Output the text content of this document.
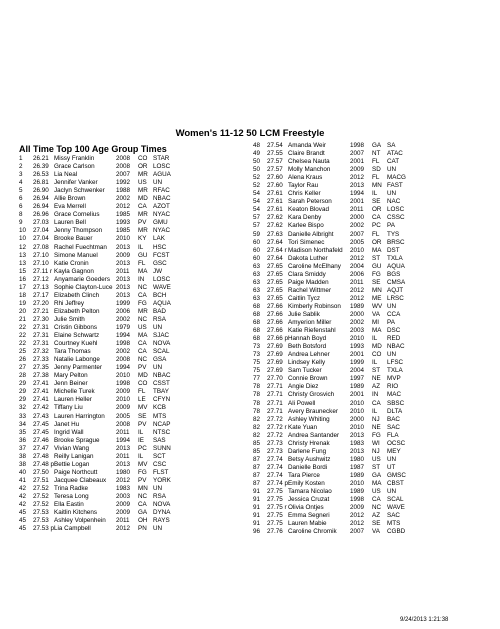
Women's 11-12 50 LCM Freestyle
All Time Top 100 Age Group Times
1	26.21 Missy Franklin	2008	CO STAR
2	26.39 Grace Carlson	2008	OR LOSC
3	26.53 Lia Neal	2007	MR AGUA
4	26.81 Jennifer Vanker	1992	US UN
5	26.90 Jaclyn Schwenker	1988	MR RFAC
6	26.94 Allie Brown	2002	MD NBAC
6	26.94 Eva Merrell	2012	CA AZOT
8	26.96 Grace Cornelius	1985	MR NYAC
9	27.03 Lauren Bell	1993	PV	GMU
10	27.04 Jenny Thompson	1985	MR NYAC
10	27.04 Brooke Bauer	2010	KY	LAK
12	27.08 Rachel Fuechtman	2013	IL	HSC
13	27.10 Simone Manuel	2009	GU FCST
13	27.10 Katie Cronin	2013	FL	GSC
15	27.11 r Kayla Gagnon	2011	MA JW
16	27.12 Anyamarie Goeders 2013	IN	LOSC
17	27.13 Sophie Clayton-Luce 2013	NC WAVE
18	27.17 Elizabeth Clinch	2013	CA BCH
19	27.20 Rhi Jeffrey	1999	FG AQUA
20	27.21 Elizabeth Pelton	2006	MR BAD
21	27.30 Julie Smith	2002	NC RSA
22	27.31 Cristin Gibbons	1979	US UN
22	27.31 Elaine Schwartz	1994	MA SJAC
22	27.31 Courtney Kuehl	1998	CA NOVA
25	27.32 Tara Thomas	2002	CA SCAL
26	27.33 Natalie Labonge	2008	NC GSA
27	27.35 Jenny Parmenter	1994	PV	UN
28	27.38 Mary Pelton	2010	MD NBAC
29	27.41 Jenn Beiner	1998	CO CSST
29	27.41 Michelle Turek	2009	FL	TBAY
29	27.41 Lauren Heller	2010	LE	CFYN
32	27.42 Tiffany Liu	2009	MV KCB
33	27.43 Lauren Harrington	2005	SE	MTS
34	27.45 Janet Hu	2008	PV	NCAP
35	27.45 Ingrid Wall	2011	IL	NTSC
36	27.46 Brooke Sprague	1994	IE	SAS
37	27.47 Vivian Wang	2013	PC SUNN
38	27.48 Reilly Lanigan	2011	IL	SCT
38	27.48 p Bettie Logan	2013	MV CSC
40	27.50 Paige Northcutt	1980	FG FLST
41	27.51 Jacquee Clabeaux	2012	PV	YORK
42	27.52 Trina Radke	1983	MN UN
42	27.52 Teresa Long	2003	NC RSA
42	27.52 Ella Eastin	2009	CA NOVA
45	27.53 Kaitlin Kitchens	2009	GA DYNA
45	27.53 Ashley Volpenhein	2011	OH RAYS
45	27.53 p Lia Campbell	2012	PN UN
48	27.54 Amanda Weir	1998	GA SA
49	27.55 Claire Brandt	2007	NT	ATAC
50	27.57 Chelsea Nauta	2001	FL	CAT
50	27.57 Molly Manchon	2009	SD UN
52	27.60 Alena Kraus	2012	FL	MACG
52	27.60 Taylor Rau	2013	MN FAST
54	27.61 Chris Keller	1994	IL	UN
54	27.61 Sarah Peterson	2001	SE	NAC
54	27.61 Keaton Blovad	2011	OR LOSC
57	27.62 Kara Denby	2000	CA CSSC
57	27.62 Karlee Bispo	2002	PC PA
59	27.63 Danielle Albright	2007	FL	TYS
60	27.64 Tori Simenec	2005	OR BRSC
60	27.64 r Madison Northafeld	2010	MA DST
60	27.64 Dakota Luther	2012	ST	TXLA
63	27.65 Caroline McElhany	2004	GU AQUA
63	27.65 Clara Smiddy	2006	FG BGS
63	27.65 Paige Madden	2011	SE	CMSA
63	27.65 Rachel Wittmer	2012	MN AQJT
63	27.65 Caitlin Tycz	2012	ME LRSC
68	27.66 Kimberly Robinson	1989	WV UN
68	27.66 Julie Sablik	2000	VA	CCA
68	27.66 Amyerion Miller	2002	MI	PA
68	27.66 Katie Riefenstahl	2003	MA DSC
68	27.66 p Hannah Boyd	2010	IL	RED
73	27.69 Beth Botsford	1993	MD NBAC
73	27.69 Andrea Lehner	2001	CO UN
75	27.69 Lindsey Kelly	1999	IL	LFSC
75	27.69 Sam Tucker	2004	ST	TXLA
77	27.70 Connie Brown	1997	NE MVP
78	27.71 Angie Diez	1989	AZ	RIO
78	27.71 Christy Grosvich	2001	IN	MAC
78	27.71 Ali Powell	2010	CA SBSC
78	27.71 Avery Braunecker	2010	IL	DLTA
82	27.72 Ashley Whiting	2000	NJ	BAC
82	27.72 r Kate Yuan	2010	NE SAC
82	27.72 Andrea Santander	2013	FG FLA
85	27.73 Christy Hrenak	1983	WI	OCSC
85	27.73 Darlene Fung	2013	NJ	MEY
87	27.74 Betsy Aushwitz	1980	US UN
87	27.74 Danielle Bordi	1987	ST	UT
87	27.74 Tara Pierce	1989	GA GMSC
87	27.74 p Emily Kosten	2010	MA CBST
91	27.75 Tamara Nicolao	1989	US UN
91	27.75 Jessica Cruzat	1998	CA SCAL
91	27.75 r Olivia Ontjes	2009	NC WAVE
91	27.75 Emma Segneri	2012	AZ	SAC
91	27.75 Lauren Mabie	2012	SE	MTS
96	27.76 Caroline Chromik	2007	VA	CGBD
9/24/2013 1:21:38
